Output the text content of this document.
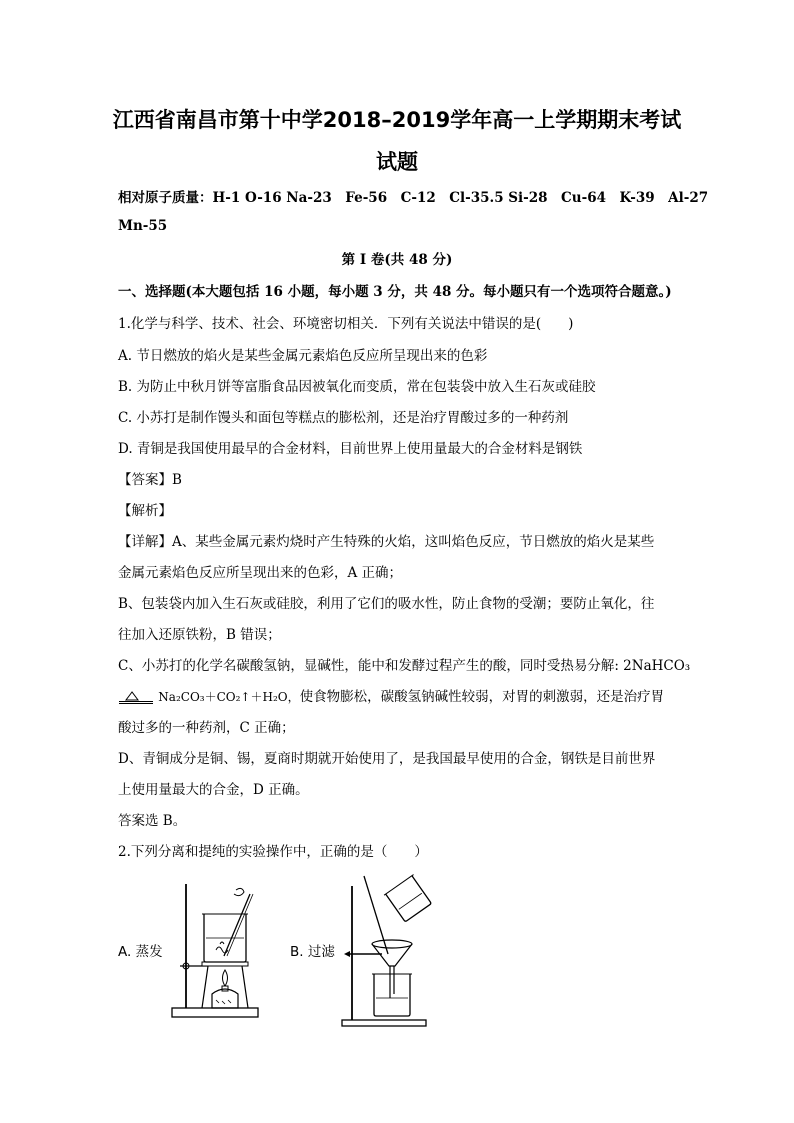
江西省南昌市第十中学2018–2019学年高一上学期期末考试
试题
相对原子质量：H-1 O-16 Na-23　Fe-56　C-12　Cl-35.5 Si-28　Cu-64　K-39　Al-27
Mn-55
第 I 卷(共 48 分)
一、选择题(本大题包括 16 小题，每小题 3 分，共 48 分。每小题只有一个选项符合题意。)
1.化学与科学、技术、社会、环境密切相关．下列有关说法中错误的是(　　)
A. 节日燃放的焰火是某些金属元素焰色反应所呈现出来的色彩
B. 为防止中秋月饼等富脂食品因被氧化而变质，常在包装袋中放入生石灰或硅胶
C. 小苏打是制作馒头和面包等糕点的膨松剂，还是治疗胃酸过多的一种药剂
D. 青铜是我国使用最早的合金材料，目前世界上使用量最大的合金材料是钢铁
【答案】B
【解析】
【详解】A、某些金属元素灼烧时产生特殊的火焰，这叫焰色反应，节日燃放的焰火是某些
金属元素焰色反应所呈现出来的色彩，A 正确；
B、包装袋内加入生石灰或硅胶，利用了它们的吸水性，防止食物的受潮；要防止氧化，往
往加入还原铁粉，B 错误；
C、小苏打的化学名碳酸氢钠，显碱性，能中和发酵过程产生的酸，同时受热易分解: 2NaHCO₃
Na₂CO₃＋CO₂↑＋H₂O，使食物膨松，碳酸氢钠碱性较弱，对胃的刺激弱，还是治疗胃
酸过多的一种药剂，C 正确；
D、青铜成分是铜、锡，夏商时期就开始使用了，是我国最早使用的合金，钢铁是目前世界
上使用量最大的合金，D 正确。
答案选 B。
2.下列分离和提纯的实验操作中，正确的是（　　）
A. 蒸发	B. 过滤
